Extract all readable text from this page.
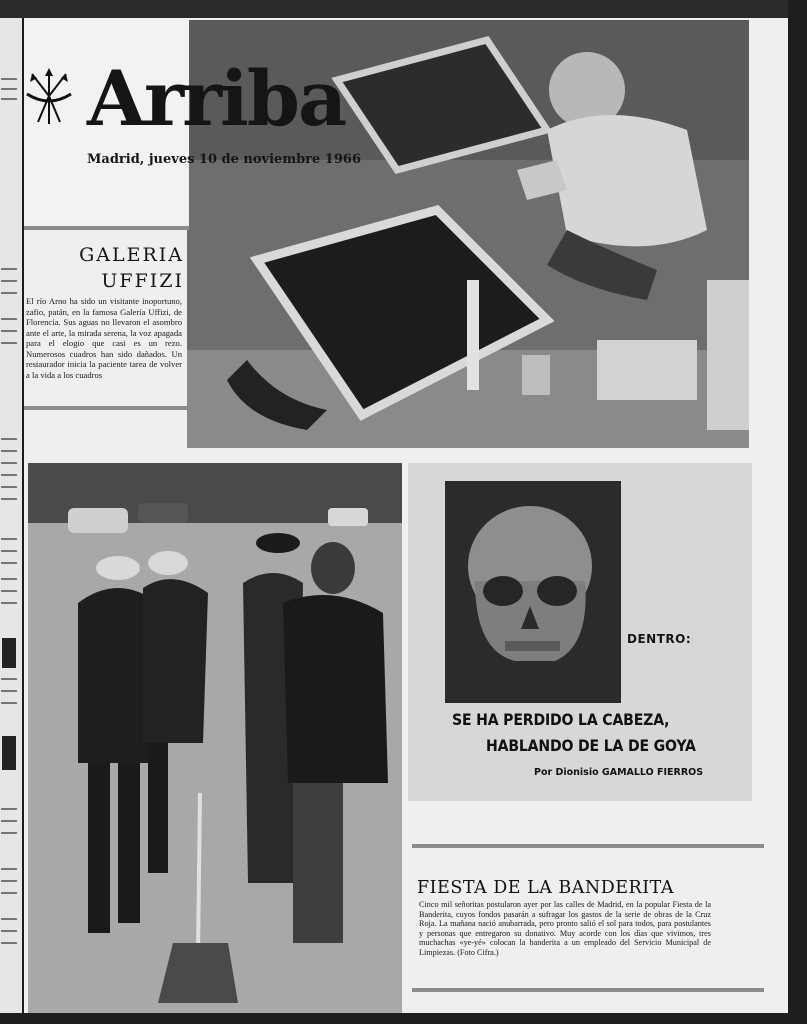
Arriba
Madrid, jueves 10 de noviembre 1966
GALERIA
UFFIZI
El río Arno ha sido un visitante inoportuno, zafio, patán, en la famosa Galería Uffizi, de Florencia. Sus aguas no llevaron el asombro ante el arte, la mirada serena, la voz apagada para el elogio que casi es un rezo. Numerosos cuadros han sido dañados. Un restaurador inicia la paciente tarea de volver a la vida a los cuadros
DENTRO:
SE HA PERDIDO LA CABEZA,
HABLANDO DE LA DE GOYA
Por Dionisio GAMALLO FIERROS
FIESTA DE LA BANDERITA
Cinco mil señoritas postularon ayer por las calles de Madrid, en la popular Fiesta de la Banderita, cuyos fondos pasarán a sufragar los gastos de la serie de obras de la Cruz Roja. La mañana nació anubarrada, pero pronto salió el sol para todos, para postulantes y personas que entregaron su donativo. Muy acorde con los días que vivimos, tres muchachas «ye-yé» colocan la banderita a un empleado del Servicio Municipal de Limpiezas. (Foto Cifra.)
